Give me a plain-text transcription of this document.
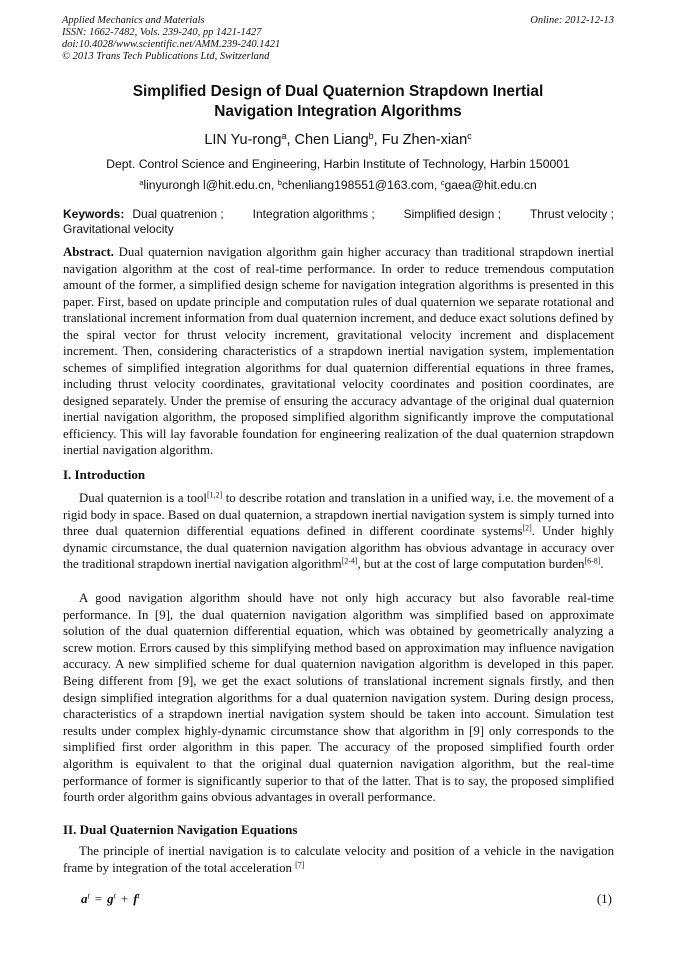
Applied Mechanics and Materials
ISSN: 1662-7482, Vols. 239-240, pp 1421-1427
doi:10.4028/www.scientific.net/AMM.239-240.1421
© 2013 Trans Tech Publications Ltd, Switzerland
Online: 2012-12-13
Simplified Design of Dual Quaternion Strapdown Inertial
Navigation Integration Algorithms
LIN Yu-rong$^a$, Chen Liang$^b$, Fu Zhen-xian$^c$
Dept. Control Science and Engineering, Harbin Institute of Technology, Harbin 150001
$^a$linyurongh l@hit.edu.cn, $^b$chenliang198551@163.com, $^c$gaea@hit.edu.cn
Keywords: Dual quatrenion ; Integration algorithms ; Simplified design ; Thrust velocity ;
Gravitational velocity
Abstract. Dual quaternion navigation algorithm gain higher accuracy than traditional strapdown inertial navigation algorithm at the cost of real-time performance. In order to reduce tremendous computation amount of the former, a simplified design scheme for navigation integration algorithms is presented in this paper. First, based on update principle and computation rules of dual quaternion we separate rotational and translational increment information from dual quaternion increment, and deduce exact solutions defined by the spiral vector for thrust velocity increment, gravitational velocity increment and displacement increment. Then, considering characteristics of a strapdown inertial navigation system, implementation schemes of simplified integration algorithms for dual quaternion differential equations in three frames, including thrust velocity coordinates, gravitational velocity coordinates and position coordinates, are designed separately. Under the premise of ensuring the accuracy advantage of the original dual quaternion inertial navigation algorithm, the proposed simplified algorithm significantly improve the computational efficiency. This will lay favorable foundation for engineering realization of the dual quaternion strapdown inertial navigation algorithm.
I. Introduction
Dual quaternion is a tool[1,2] to describe rotation and translation in a unified way, i.e. the movement of a rigid body in space. Based on dual quaternion, a strapdown inertial navigation system is simply turned into three dual quaternion differential equations defined in different coordinate systems[2]. Under highly dynamic circumstance, the dual quaternion navigation algorithm has obvious advantage in accuracy over the traditional strapdown inertial navigation algorithm[2-4], but at the cost of large computation burden[6-8].
A good navigation algorithm should have not only high accuracy but also favorable real-time performance. In [9], the dual quaternion navigation algorithm was simplified based on approximate solution of the dual quaternion differential equation, which was obtained by geometrically analyzing a screw motion. Errors caused by this simplifying method based on approximation may influence navigation accuracy. A new simplified scheme for dual quaternion navigation algorithm is developed in this paper. Being different from [9], we get the exact solutions of translational increment signals firstly, and then design simplified integration algorithms for a dual quaternion navigation system. During design process, characteristics of a strapdown inertial navigation system should be taken into account. Simulation test results under complex highly-dynamic circumstance show that algorithm in [9] only corresponds to the simplified first order algorithm in this paper. The accuracy of the proposed simplified fourth order algorithm is equivalent to that the original dual quaternion navigation algorithm, but the real-time performance of former is significantly superior to that of the latter. That is to say, the proposed simplified fourth order algorithm gains obvious advantages in overall performance.
II. Dual Quaternion Navigation Equations
The principle of inertial navigation is to calculate velocity and position of a vehicle in the navigation frame by integration of the total acceleration [7]
$a^t = g^t + f^t$	(1)
